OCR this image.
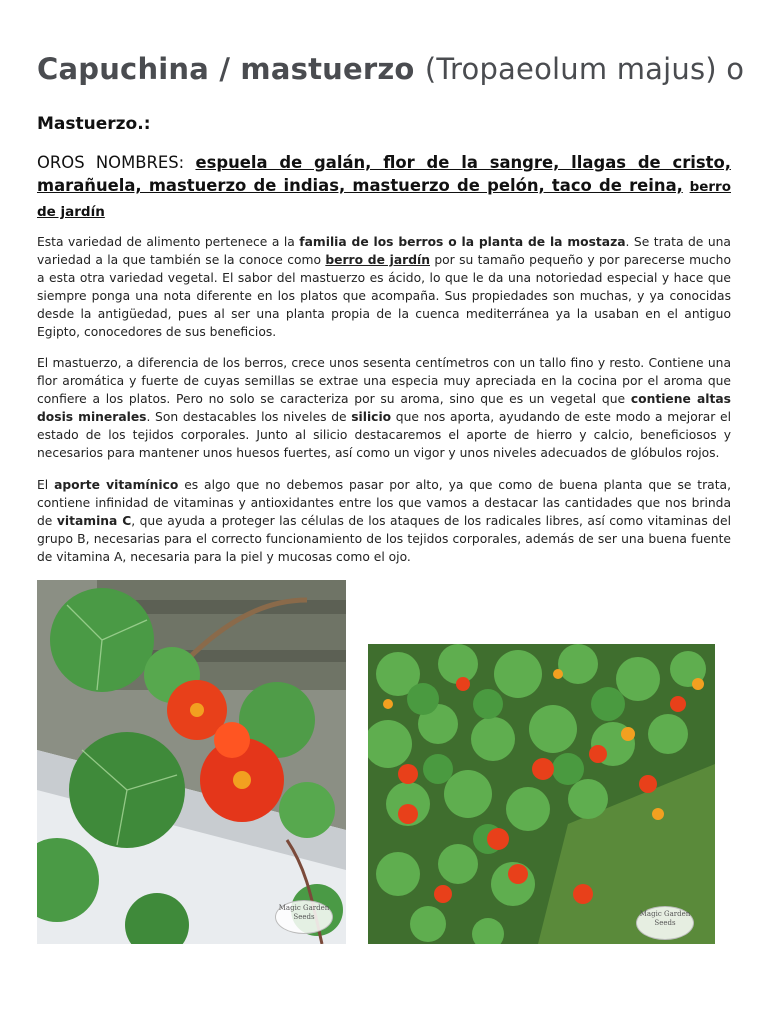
Capuchina / mastuerzo (Tropaeolum majus) o
Mastuerzo.:

OROS NOMBRES: espuela de galán, flor de la sangre, llagas de cristo, marañuela, mastuerzo de indias, mastuerzo de pelón, taco de reina, berro de jardín

Esta variedad de alimento pertenece a la familia de los berros o la planta de la mostaza. Se trata de una variedad a la que también se la conoce como berro de jardín por su tamaño pequeño y por parecerse mucho a esta otra variedad vegetal. El sabor del mastuerzo es ácido, lo que le da una notoriedad especial y hace que siempre ponga una nota diferente en los platos que acompaña. Sus propiedades son muchas, y ya conocidas desde la antigüedad, pues al ser una planta propia de la cuenca mediterránea ya la usaban en el antiguo Egipto, conocedores de sus beneficios.

El mastuerzo, a diferencia de los berros, crece unos sesenta centímetros con un tallo fino y resto. Contiene una flor aromática y fuerte de cuyas semillas se extrae una especia muy apreciada en la cocina por el aroma que confiere a los platos. Pero no solo se caracteriza por su aroma, sino que es un vegetal que contiene altas dosis minerales. Son destacables los niveles de silicio que nos aporta, ayudando de este modo a mejorar el estado de los tejidos corporales. Junto al silicio destacaremos el aporte de hierro y calcio, beneficiosos y necesarios para mantener unos huesos fuertes, así como un vigor y unos niveles adecuados de glóbulos rojos.

El aporte vitamínico es algo que no debemos pasar por alto, ya que como de buena planta que se trata, contiene infinidad de vitaminas y antioxidantes entre los que vamos a destacar las cantidades que nos brinda de vitamina C, que ayuda a proteger las células de los ataques de los radicales libres, así como vitaminas del grupo B, necesarias para el correcto funcionamiento de los tejidos corporales, además de ser una buena fuente de vitamina A, necesaria para la piel y mucosas como el ojo.

Magic Garden Seeds	Magic Garden Seeds
